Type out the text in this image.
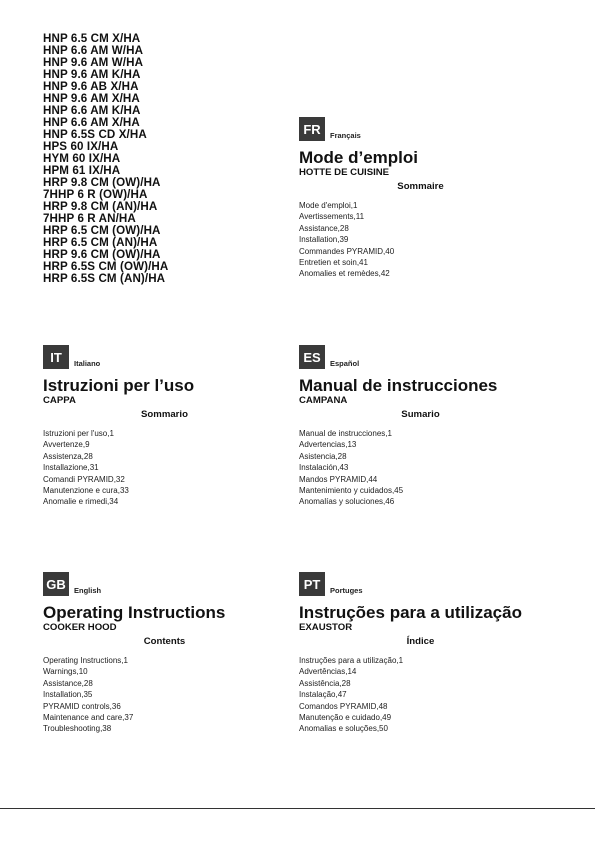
HNP 6.5 CM X/HA
HNP 6.6 AM W/HA
HNP 9.6 AM W/HA
HNP 9.6 AM K/HA
HNP 9.6 AB X/HA
HNP 9.6 AM X/HA
HNP 6.6 AM K/HA
HNP 6.6 AM X/HA
HNP 6.5S CD X/HA
HPS 60 IX/HA
HYM 60 IX/HA
HPM 61 IX/HA
HRP 9.8 CM (OW)/HA
7HHP 6 R (OW)/HA
HRP 9.8 CM (AN)/HA
7HHP 6 R AN/HA
HRP 6.5 CM (OW)/HA
HRP 6.5 CM (AN)/HA
HRP 9.6 CM (OW)/HA
HRP 6.5S CM (OW)/HA
HRP 6.5S CM (AN)/HA
FR Français
Mode d’emploi
HOTTE DE CUISINE
Sommaire
Mode d'emploi,1
Avertissements,11
Assistance,28
Installation,39
Commandes PYRAMID,40
Entretien et soin,41
Anomalies et remèdes,42
IT Italiano
Istruzioni per l’uso
CAPPA
Sommario
Istruzioni per l'uso,1
Avvertenze,9
Assistenza,28
Installazione,31
Comandi PYRAMID,32
Manutenzione e cura,33
Anomalie e rimedi,34
ES Español
Manual de instrucciones
CAMPANA
Sumario
Manual de instrucciones,1
Advertencias,13
Asistencia,28
Instalación,43
Mandos PYRAMID,44
Mantenimiento y cuidados,45
Anomalías y soluciones,46
GB English
Operating Instructions
COOKER HOOD
Contents
Operating Instructions,1
Warnings,10
Assistance,28
Installation,35
PYRAMID controls,36
Maintenance and care,37
Troubleshooting,38
PT Portuges
Instruções para a utilização
EXAUSTOR
Índice
Instruções para a utilização,1
Advertências,14
Assistência,28
Instalação,47
Comandos PYRAMID,48
Manutenção e cuidado,49
Anomalias e soluções,50
